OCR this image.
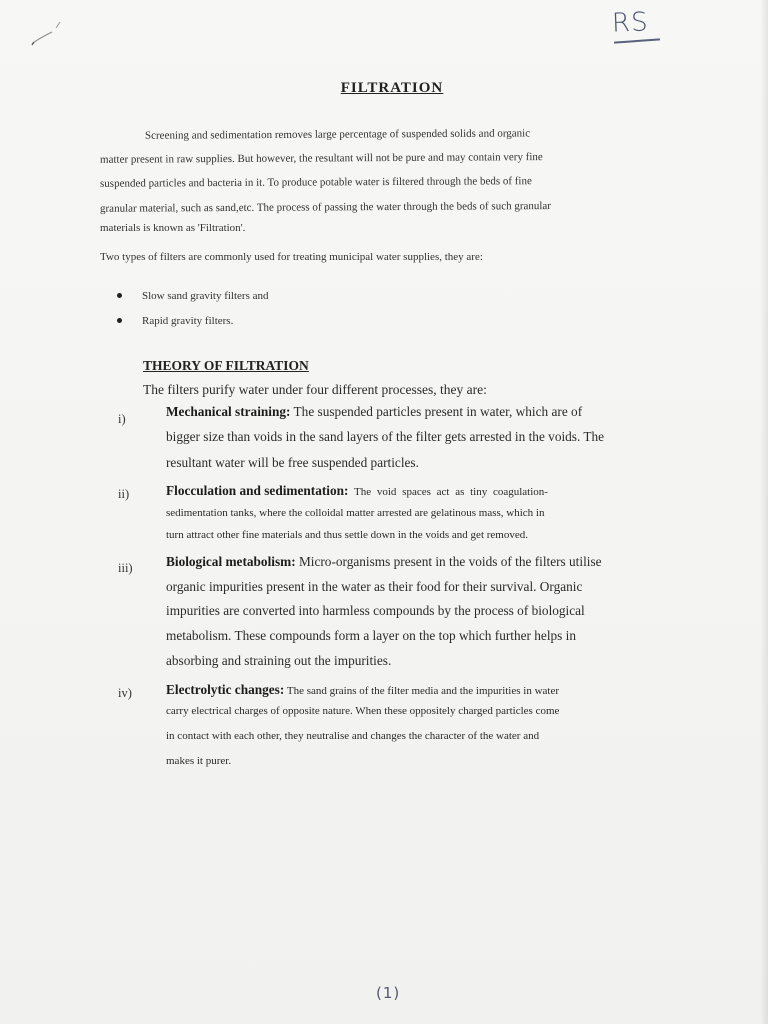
RS
FILTRATION
Screening and sedimentation removes large percentage of suspended solids and organic
matter present in raw supplies. But however, the resultant will not be pure and may contain very fine
suspended particles and bacteria in it. To produce potable water is filtered through the beds of fine
granular material, such as sand,etc. The process of passing the water through the beds of such granular
materials is known as 'Filtration'.
Two types of filters are commonly used for treating municipal water supplies, they are:
Slow sand gravity filters and
Rapid gravity filters.
THEORY OF FILTRATION
The filters purify water under four different processes, they are:
i)	Mechanical straining: The suspended particles present in water, which are of
bigger size than voids in the sand layers of the filter gets arrested in the voids. The
resultant water will be free suspended particles.
ii)	Flocculation and sedimentation: The void spaces act as tiny coagulation-
sedimentation tanks, where the colloidal matter arrested are gelatinous mass, which in
turn attract other fine materials and thus settle down in the voids and get removed.
iii)	Biological metabolism: Micro-organisms present in the voids of the filters utilise
organic impurities present in the water as their food for their survival. Organic
impurities are converted into harmless compounds by the process of biological
metabolism. These compounds form a layer on the top which further helps in
absorbing and straining out the impurities.
iv)	Electrolytic changes: The sand grains of the filter media and the impurities in water
carry electrical charges of opposite nature. When these oppositely charged particles come
in contact with each other, they neutralise and changes the character of the water and
makes it purer.
(1)
